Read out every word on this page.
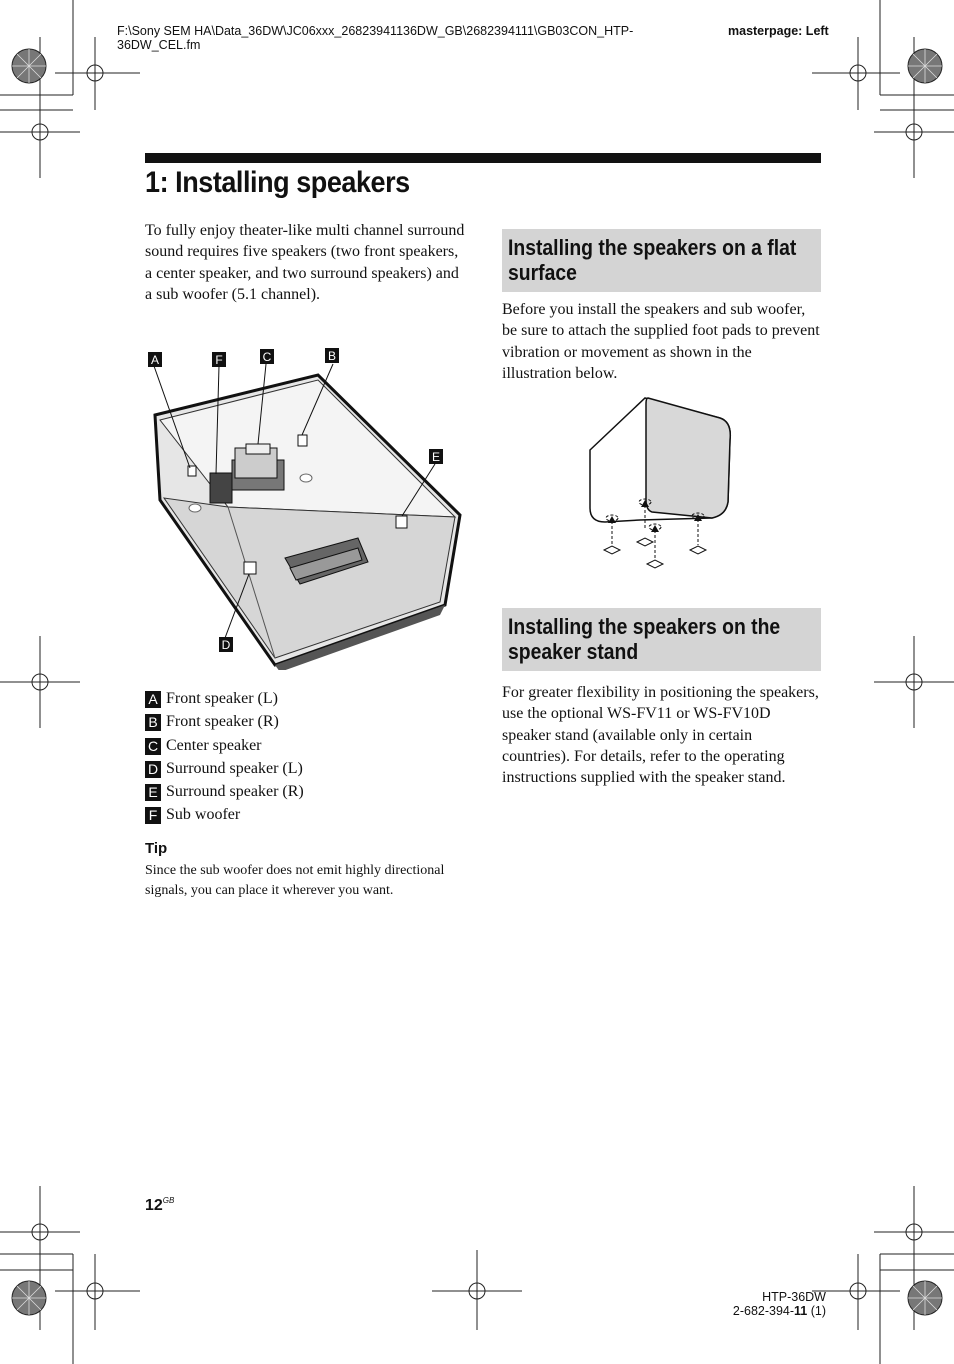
F:\Sony SEM HA\Data_36DW\JC06xxx_26823941136DW_GB\2682394111\GB03CON_HTP-
36DW_CEL.fm
masterpage: Left
1: Installing speakers
To fully enjoy theater-like multi channel surround sound requires five speakers (two front speakers, a center speaker, and two surround speakers) and a sub woofer (5.1 channel).
A	F	C	B
E
D
A Front speaker (L)
B Front speaker (R)
C Center speaker
D Surround speaker (L)
E Surround speaker (R)
F Sub woofer
Tip
Since the sub woofer does not emit highly directional signals, you can place it wherever you want.
Installing the speakers on a flat
surface
Before you install the speakers and sub woofer, be sure to attach the supplied foot pads to prevent vibration or movement as shown in the illustration below.
Installing the speakers on the
speaker stand
For greater flexibility in positioning the speakers, use the optional WS-FV11 or WS-FV10D speaker stand (available only in certain countries). For details, refer to the operating instructions supplied with the speaker stand.
$12^{GB}$
HTP-36DW
2-682-394-11 (1)
